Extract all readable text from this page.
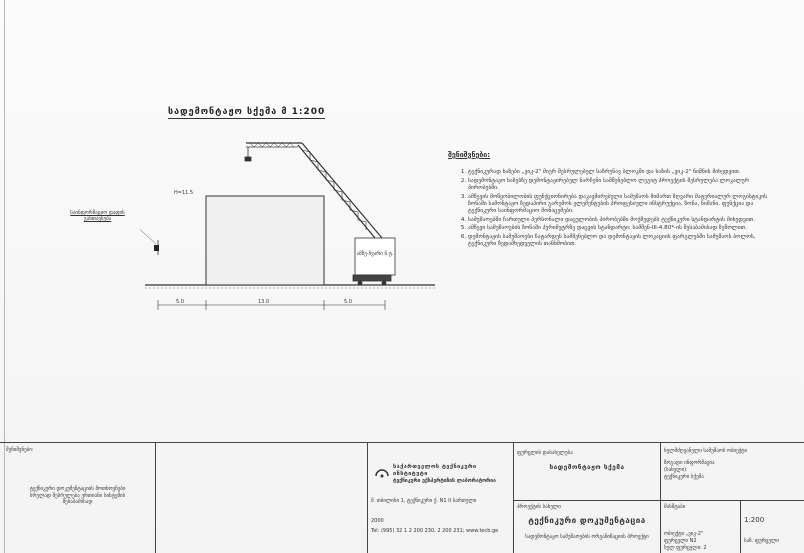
სადემონტაჟო სქემა მ 1:200
H=11.5
საინფორმაციო დაფის განთავსება
ამწე-ჩვარი ჩ.ტ.
5.0	13.0	5.0
შენიშვნები:
1. ტექნიკურად ხაზები „ვიკ-2" მიერ შესრულებულ საზრუნავ ბლოკში და ხაზის „ვიკ-2" ნიშნის მიხედვით.
2. სადემონტაჟო ხაზებზე დემონტაჟირებულ ნარჩენი სამშენებლო ლეგიტ პროექტის შესრულება ლოკალურ პირობებში.
3. ამწევის მოწყობილობის ფუნქციონირება დაკავშირებული სამუშაოს მიმართ ზღვარი მატერიალურ ლოგისტიკის ზონაში სამონტაჟო ზედაპირი გარემოს ელემენტების პროფესიული ინსტრუქცია, ზონა, ნიშანი, ფუნქცია და ტექნიკური საინფორმაციო მონაცემები.
4. სამუშაოებში ჩართული პერსონალი დაცულობის პირობებში მოქმედებს ტექნიკური სტანდარტის მიხედვით.
5. ამწევი სამუშაოების ზონაში პერიმეტრზე დაცვის სტანდარტი: სამშენ-III-4.80*-ის შესაბამისად ზეწოლით.
6. დემონტაჟის სამუშაოები ჩატარდეს სამშენებლო და დემონტაჟის ლოკაციის ფარგლებში სამუშაოს ბოლოს, ტექნიკური ზედამხედველის თანხმობით.
შენიშვნები:
ტექნიკური დოკუმენტაციის მოთხოვნები სრულად შესრულება ერთიანი სისტემის შესაბამისად
საქართველოს ტექნიკური ინსტიტუტი
ტექნიკური ექსპერტიზის ლაბორატორია
მ. თბილისი 1, ტექნიკური ქ. N1 II სართული
2000
Tel: (995) 32 1 2 200 230, 2 200 231; www.tecb.ge
ფურცლის დასახელება
სადემონტაჟო სქემა
პროექტის სახელი
ტექნიკური დოკუმენტაცია
სადემონტაჟო სამუშაოების ორგანიზაციის პროექტი
ხელმძღვანელი სამუშაოს ობიექტი
ზოგადი ინფორმაცია
(სახელი)
ტექნიკური სქემა
მასშტაბი
1:200
ობიექტი „ვიკ-2"
ფურცელი N2
სულ ფურცელი: 2
საზ. ფურცელი
